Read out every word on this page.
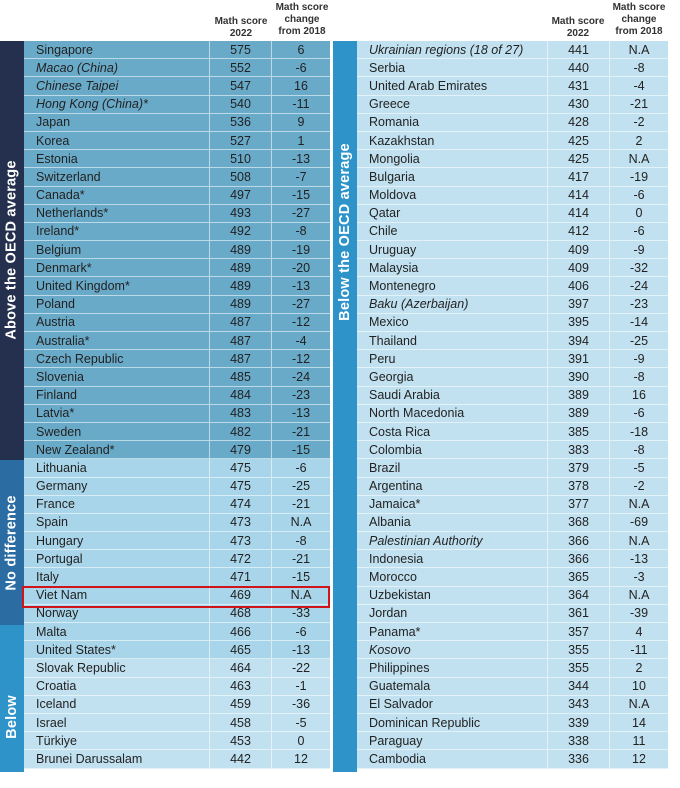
Math score
2022
Math score
change
from 2018
Above the OECD average
No difference
Below
Singapore	575	6
Macao (China)	552	-6
Chinese Taipei	547	16
Hong Kong (China)*	540	-11
Japan	536	9
Korea	527	1
Estonia	510	-13
Switzerland	508	-7
Canada*	497	-15
Netherlands*	493	-27
Ireland*	492	-8
Belgium	489	-19
Denmark*	489	-20
United Kingdom*	489	-13
Poland	489	-27
Austria	487	-12
Australia*	487	-4
Czech Republic	487	-12
Slovenia	485	-24
Finland	484	-23
Latvia*	483	-13
Sweden	482	-21
New Zealand*	479	-15
Lithuania	475	-6
Germany	475	-25
France	474	-21
Spain	473	N.A
Hungary	473	-8
Portugal	472	-21
Italy	471	-15
Viet Nam	469	N.A
Norway	468	-33
Malta	466	-6
United States*	465	-13
Slovak Republic	464	-22
Croatia	463	-1
Iceland	459	-36
Israel	458	-5
Türkiye	453	0
Brunei Darussalam	442	12
Math score
2022
Math score
change
from 2018
Below the OECD average
Ukrainian regions (18 of 27)	441	N.A
Serbia	440	-8
United Arab Emirates	431	-4
Greece	430	-21
Romania	428	-2
Kazakhstan	425	2
Mongolia	425	N.A
Bulgaria	417	-19
Moldova	414	-6
Qatar	414	0
Chile	412	-6
Uruguay	409	-9
Malaysia	409	-32
Montenegro	406	-24
Baku (Azerbaijan)	397	-23
Mexico	395	-14
Thailand	394	-25
Peru	391	-9
Georgia	390	-8
Saudi Arabia	389	16
North Macedonia	389	-6
Costa Rica	385	-18
Colombia	383	-8
Brazil	379	-5
Argentina	378	-2
Jamaica*	377	N.A
Albania	368	-69
Palestinian Authority	366	N.A
Indonesia	366	-13
Morocco	365	-3
Uzbekistan	364	N.A
Jordan	361	-39
Panama*	357	4
Kosovo	355	-11
Philippines	355	2
Guatemala	344	10
El Salvador	343	N.A
Dominican Republic	339	14
Paraguay	338	11
Cambodia	336	12
